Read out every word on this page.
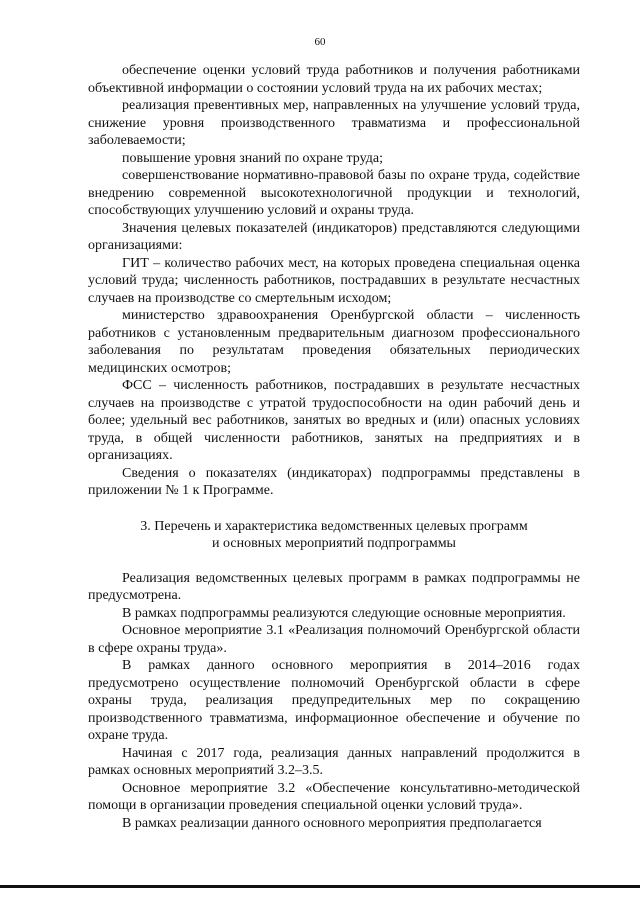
60

обеспечение оценки условий труда работников и получения работниками объективной информации о состоянии условий труда на их рабочих местах;

реализация превентивных мер, направленных на улучшение условий труда, снижение уровня производственного травматизма и профессиональной заболеваемости;

повышение уровня знаний по охране труда;

совершенствование нормативно-правовой базы по охране труда, содействие внедрению современной высокотехнологичной продукции и технологий, способствующих улучшению условий и охраны труда.

Значения целевых показателей (индикаторов) представляются следующими организациями:

ГИТ – количество рабочих мест, на которых проведена специальная оценка условий труда; численность работников, пострадавших в результате несчастных случаев на производстве со смертельным исходом;

министерство здравоохранения Оренбургской области – численность работников с установленным предварительным диагнозом профессионального заболевания по результатам проведения обязательных периодических медицинских осмотров;

ФСС – численность работников, пострадавших в результате несчастных случаев на производстве с утратой трудоспособности на один рабочий день и более; удельный вес работников, занятых во вредных и (или) опасных условиях труда, в общей численности работников, занятых на предприятиях и в организациях.

Сведения о показателях (индикаторах) подпрограммы представлены в приложении № 1 к Программе.

3. Перечень и характеристика ведомственных целевых программ
и основных мероприятий подпрограммы

Реализация ведомственных целевых программ в рамках подпрограммы не предусмотрена.

В рамках подпрограммы реализуются следующие основные мероприятия.

Основное мероприятие 3.1 «Реализация полномочий Оренбургской области в сфере охраны труда».

В рамках данного основного мероприятия в 2014–2016 годах предусмотрено осуществление полномочий Оренбургской области в сфере охраны труда, реализация предупредительных мер по сокращению производственного травматизма, информационное обеспечение и обучение по охране труда.

Начиная с 2017 года, реализация данных направлений продолжится в рамках основных мероприятий 3.2–3.5.

Основное мероприятие 3.2 «Обеспечение консультативно-методической помощи в организации проведения специальной оценки условий труда».

В рамках реализации данного основного мероприятия предполагается
